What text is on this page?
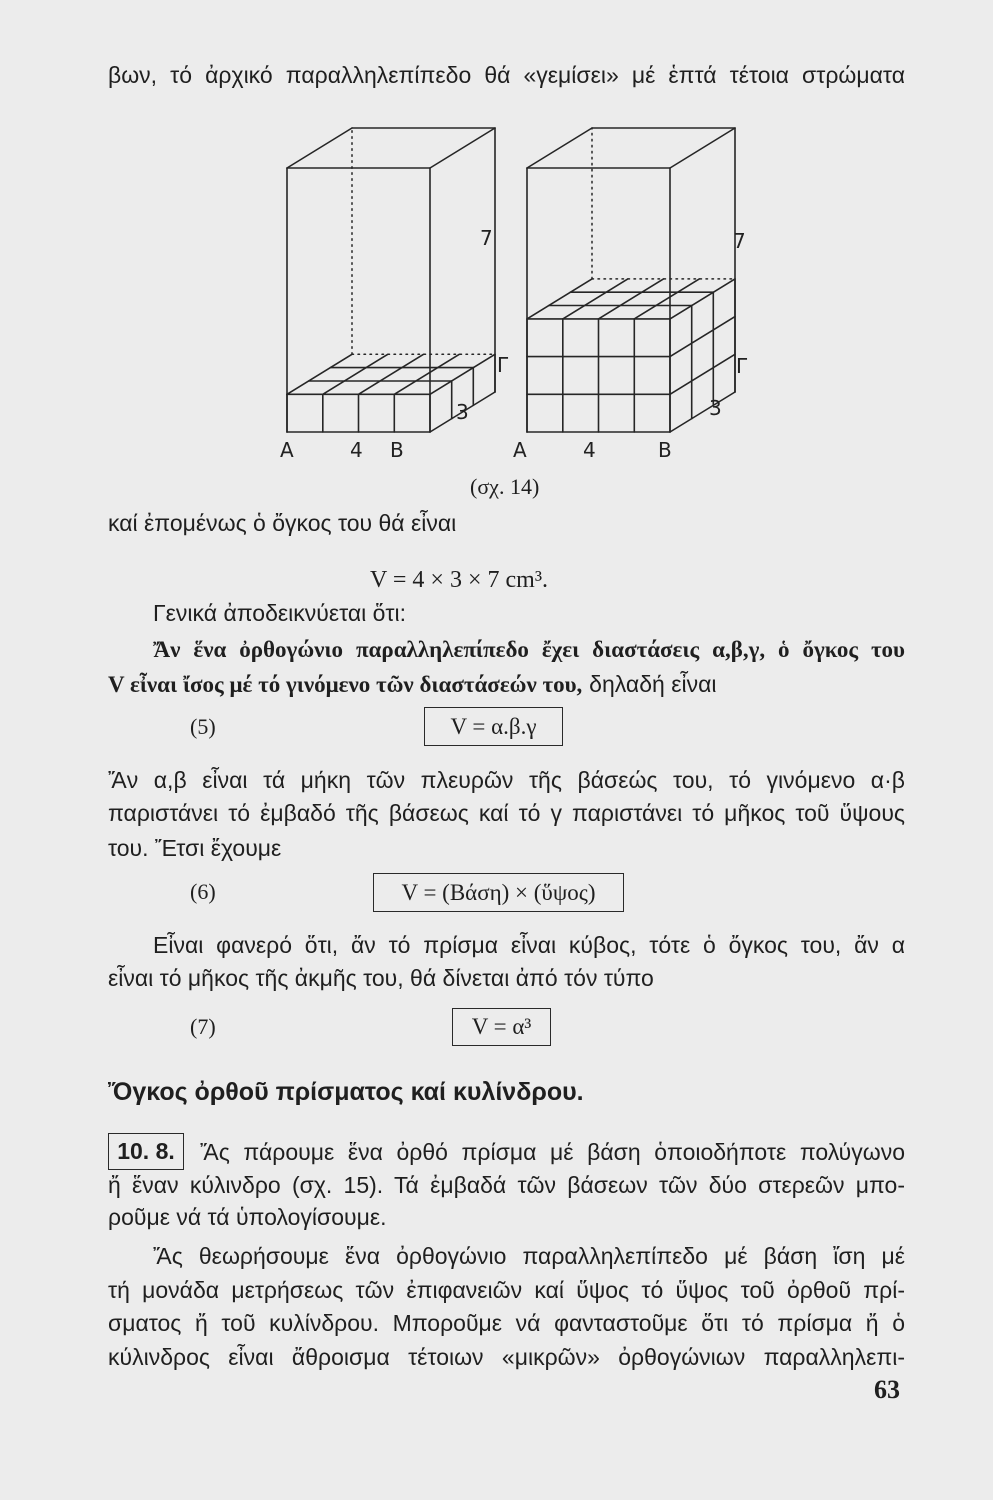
βων, τό ἀρχικό παραλληλεπίπεδο θά «γεμίσει» μέ ἑπτά τέτοια στρώματα
7
Γ
3
Α	4 Β
7
Γ
3
Α	4	Β
(σχ. 14)
καί ἐπομένως ὁ ὄγκος του θά εἶναι
V = 4 × 3 × 7 cm³.
Γενικά ἀποδεικνύεται ὅτι:
Ἄν ἕνα ὀρθογώνιο παραλληλεπίπεδο ἔχει διαστάσεις α,β,γ, ὁ ὄγκος του
V εἶναι ἴσος μέ τό γινόμενο τῶν διαστάσεών του, δηλαδή εἶναι
(5)	V = α.β.γ
Ἄν α,β εἶναι τά μήκη τῶν πλευρῶν τῆς βάσεώς του, τό γινόμενο α·β
παριστάνει τό ἐμβαδό τῆς βάσεως καί τό γ παριστάνει τό μῆκος τοῦ ὕψους
του. Ἔτσι ἔχουμε
(6)	V = (Βάση) × (ὕψος)
Εἶναι φανερό ὅτι, ἄν τό πρίσμα εἶναι κύβος, τότε ὁ ὄγκος του, ἄν α
εἶναι τό μῆκος τῆς ἀκμῆς του, θά δίνεται ἀπό τόν τύπο
(7)	V = α³
Ὄγκος ὀρθοῦ πρίσματος καί κυλίνδρου.
10. 8.	Ἄς πάρουμε ἕνα ὀρθό πρίσμα μέ βάση ὁποιοδήποτε πολύγωνο
ἤ ἕναν κύλινδρο (σχ. 15). Τά ἐμβαδά τῶν βάσεων τῶν δύο στερεῶν μπο-
ροῦμε νά τά ὑπολογίσουμε.
Ἄς θεωρήσουμε ἕνα ὀρθογώνιο παραλληλεπίπεδο μέ βάση ἴση μέ
τή μονάδα μετρήσεως τῶν ἐπιφανειῶν καί ὕψος τό ὕψος τοῦ ὀρθοῦ πρί-
σματος ἤ τοῦ κυλίνδρου. Μποροῦμε νά φανταστοῦμε ὅτι τό πρίσμα ἤ ὁ
κύλινδρος εἶναι ἄθροισμα τέτοιων «μικρῶν» ὀρθογώνιων παραλληλεπι-
63
